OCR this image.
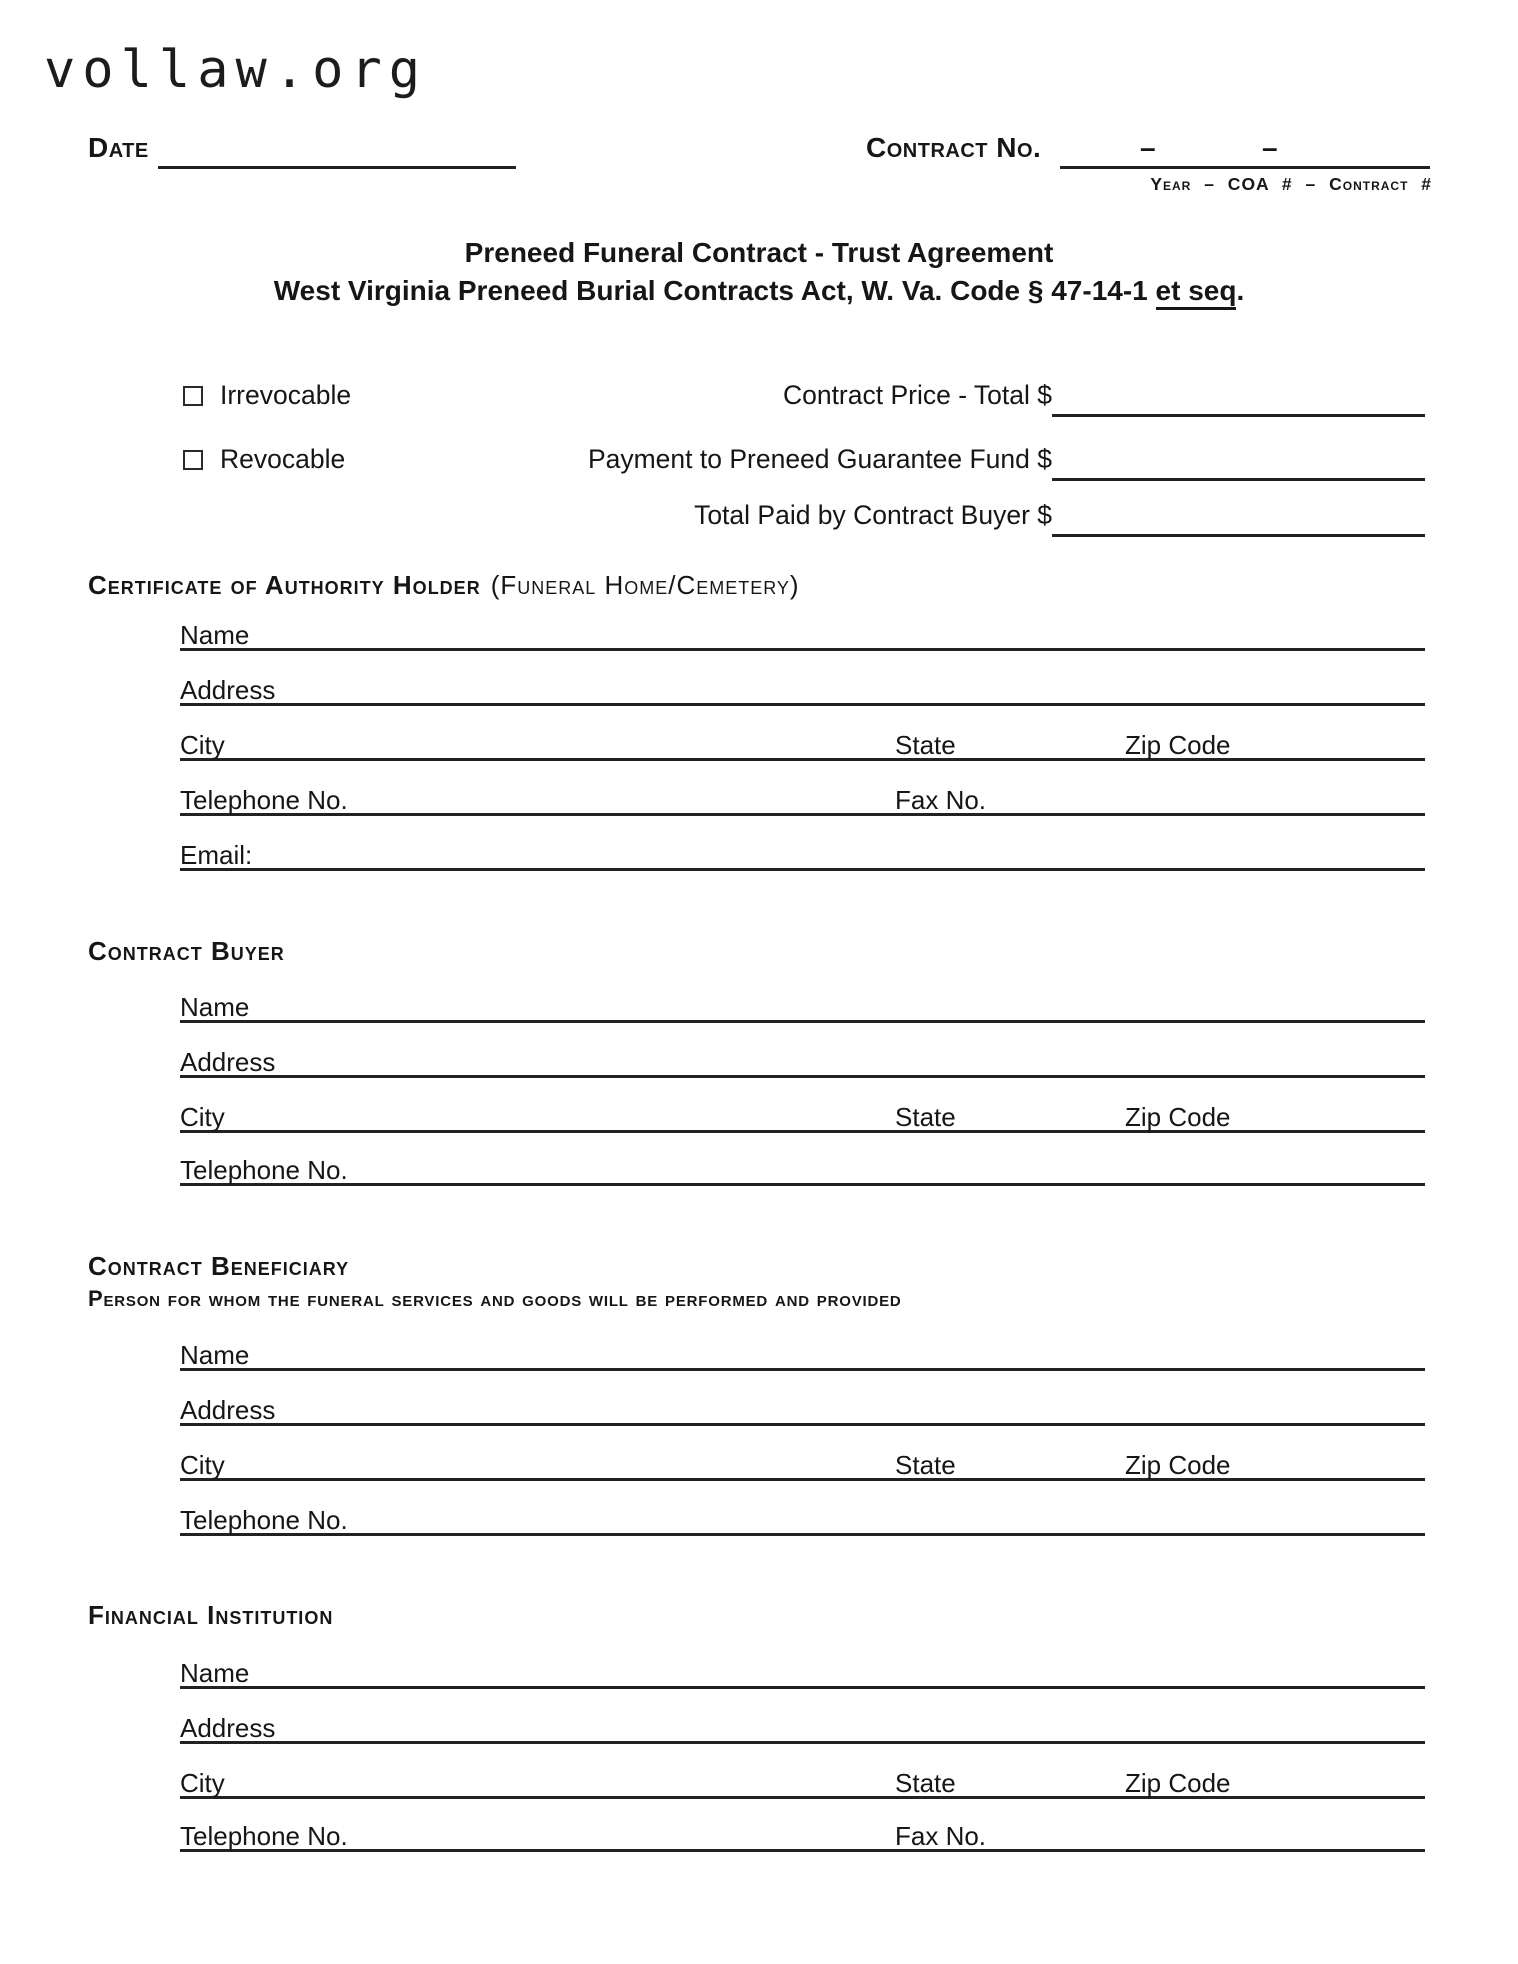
vollaw.org
Date	Contract No.	–	–
Year – COA # – Contract #
Preneed Funeral Contract - Trust Agreement
West Virginia Preneed Burial Contracts Act, W. Va. Code § 47-14-1 et seq.
Irrevocable
Revocable
Contract Price - Total $
Payment to Preneed Guarantee Fund $
Total Paid by Contract Buyer $
Certificate of Authority Holder (Funeral Home/Cemetery)
Name
Address
City	State	Zip Code
Telephone No.	Fax No.
Email:
Contract Buyer
Name
Address
City	State	Zip Code
Telephone No.
Contract Beneficiary
Person for whom the funeral services and goods will be performed and provided
Name
Address
City	State	Zip Code
Telephone No.
Financial Institution
Name
Address
City	State	Zip Code
Telephone No.	Fax No.
